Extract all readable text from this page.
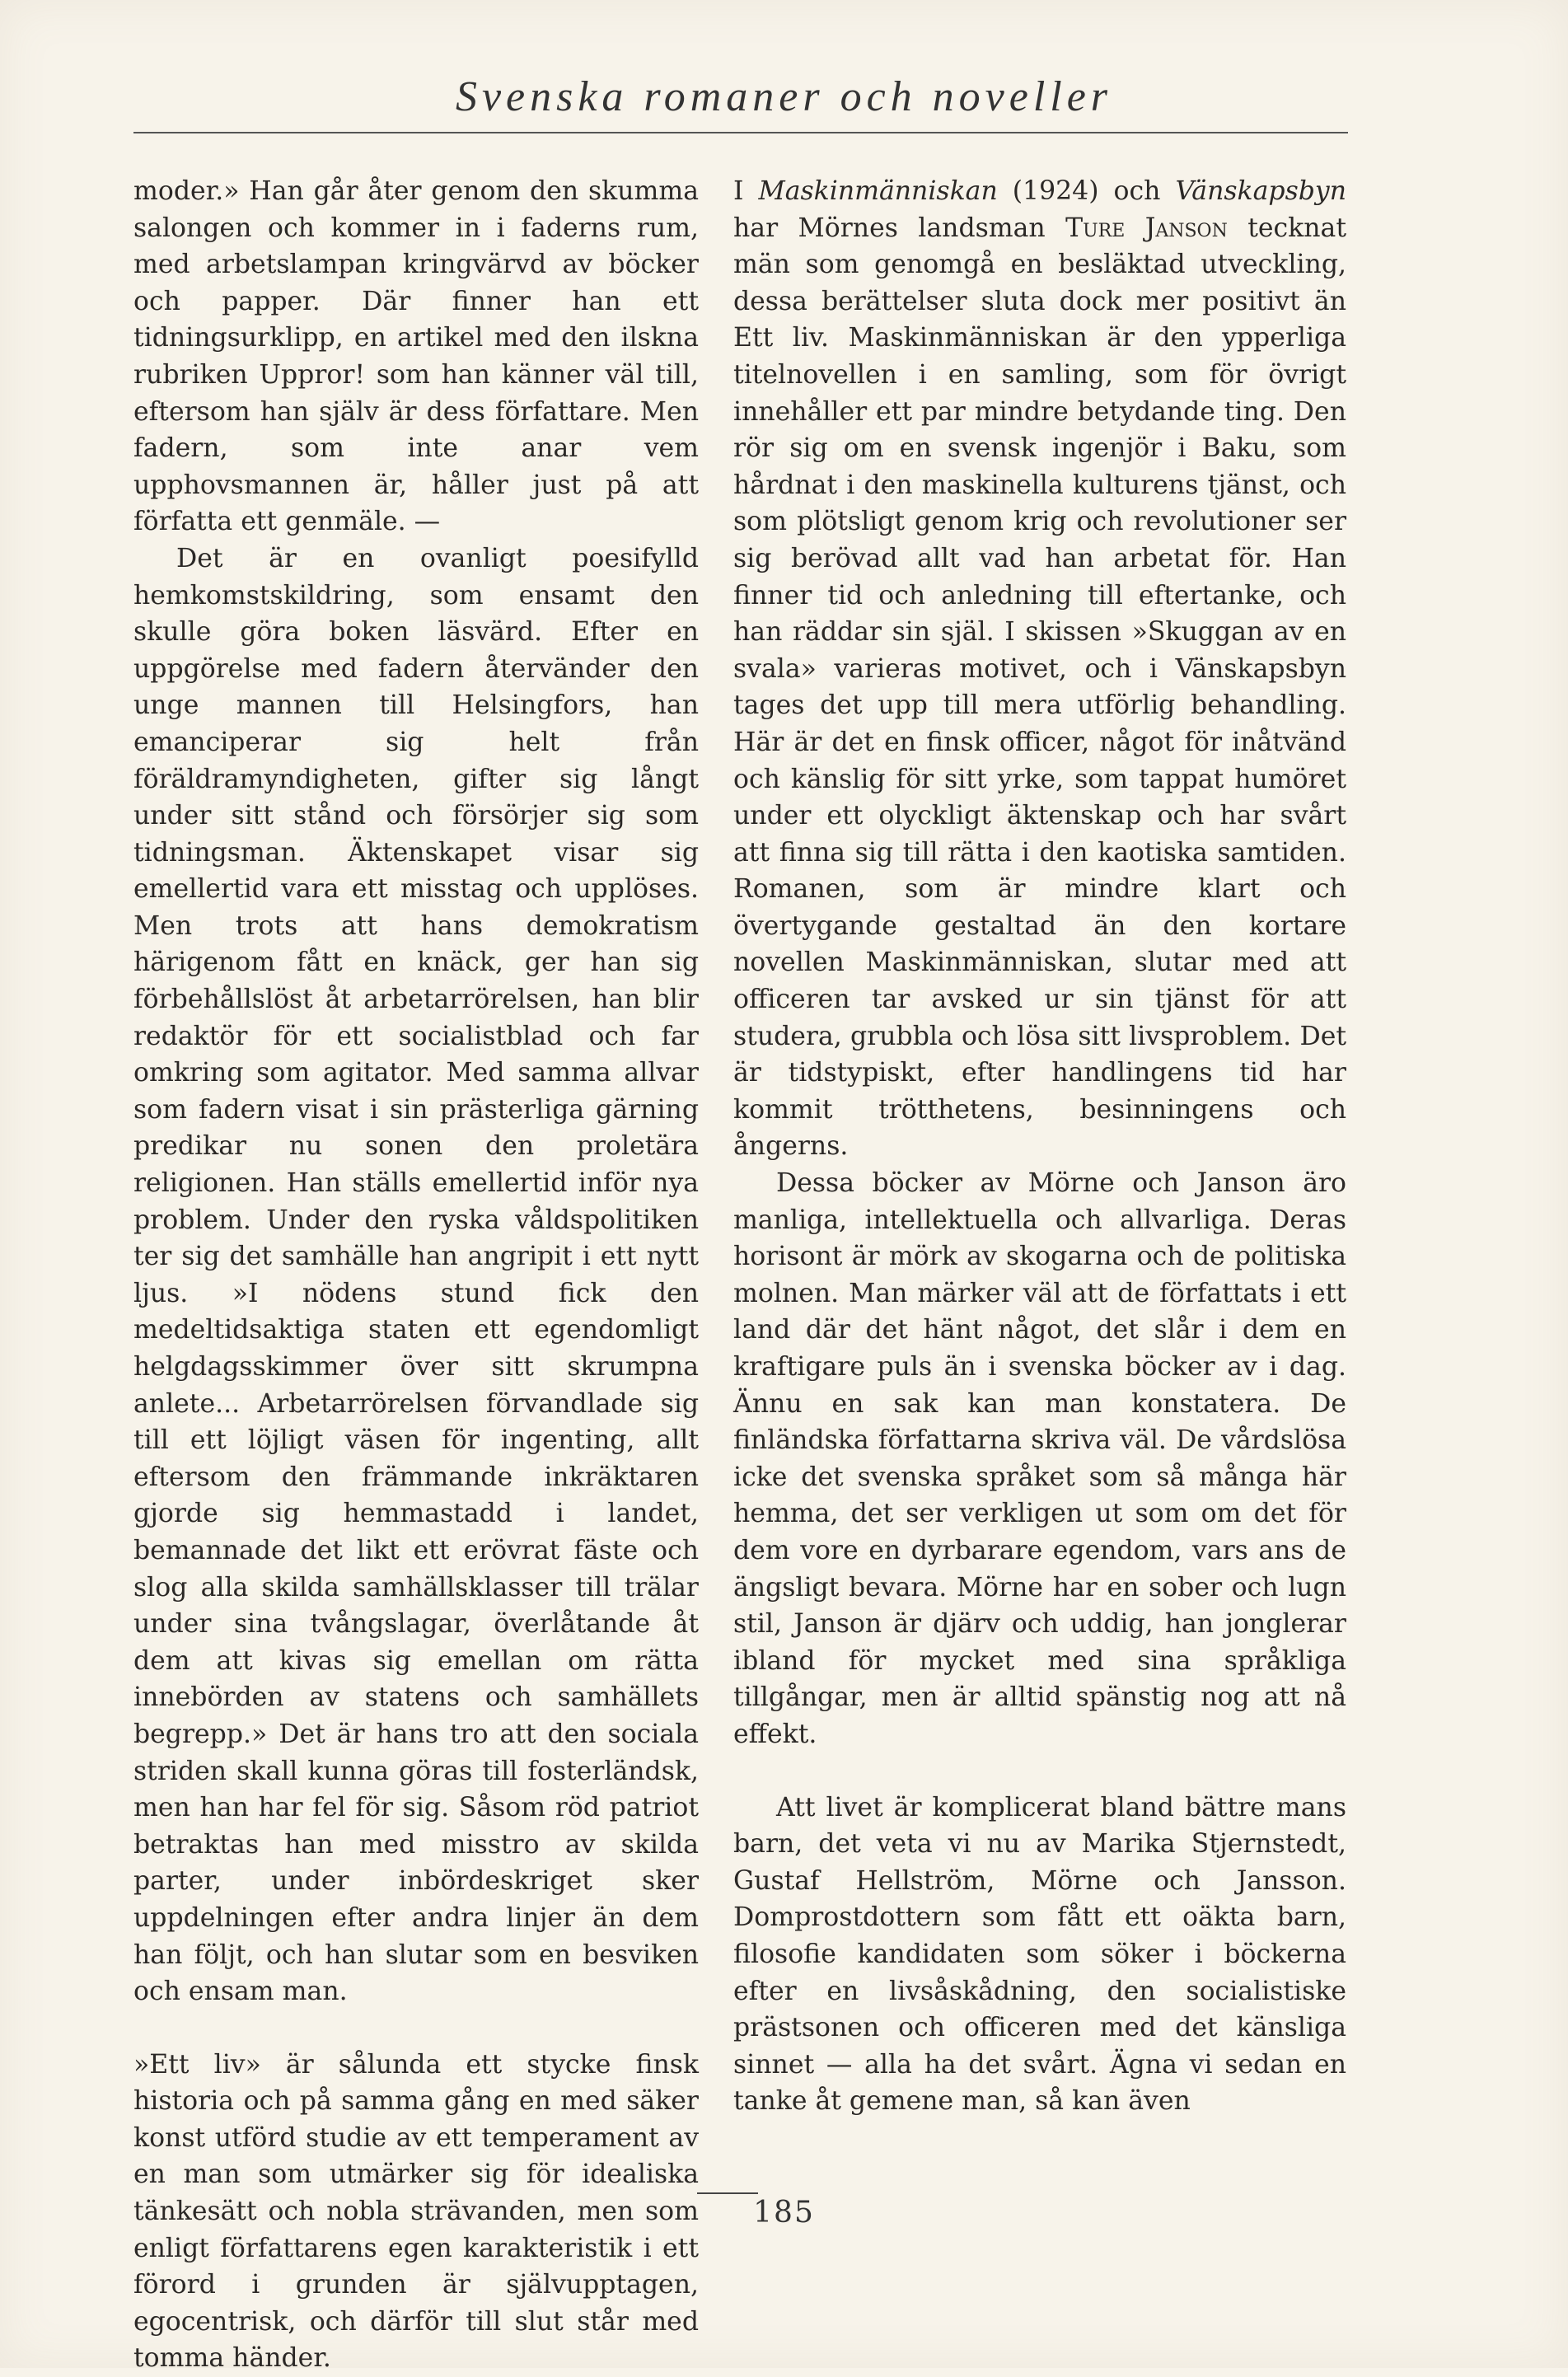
Svenska romaner och noveller

moder.» Han går åter genom den skumma salongen och kommer in i faderns rum, med arbetslampan kringvärvd av böcker och papper. Där finner han ett tidningsurklipp, en artikel med den ilskna rubriken Uppror! som han känner väl till, eftersom han själv är dess författare. Men fadern, som inte anar vem upphovsmannen är, håller just på att författa ett genmäle. —

Det är en ovanligt poesifylld hemkomstskildring, som ensamt den skulle göra boken läsvärd. Efter en uppgörelse med fadern återvänder den unge mannen till Helsingfors, han emanciperar sig helt från föräldramyndigheten, gifter sig långt under sitt stånd och försörjer sig som tidningsman. Äktenskapet visar sig emellertid vara ett misstag och upplöses. Men trots att hans demokratism härigenom fått en knäck, ger han sig förbehållslöst åt arbetarrörelsen, han blir redaktör för ett socialistblad och far omkring som agitator. Med samma allvar som fadern visat i sin prästerliga gärning predikar nu sonen den proletära religionen. Han ställs emellertid inför nya problem. Under den ryska våldspolitiken ter sig det samhälle han angripit i ett nytt ljus. »I nödens stund fick den medeltidsaktiga staten ett egendomligt helgdagsskimmer över sitt skrumpna anlete... Arbetarrörelsen förvandlade sig till ett löjligt väsen för ingenting, allt eftersom den främmande inkräktaren gjorde sig hemmastadd i landet, bemannade det likt ett erövrat fäste och slog alla skilda samhällsklasser till trälar under sina tvångslagar, överlåtande åt dem att kivas sig emellan om rätta innebörden av statens och samhällets begrepp.» Det är hans tro att den sociala striden skall kunna göras till fosterländsk, men han har fel för sig. Såsom röd patriot betraktas han med misstro av skilda parter, under inbördeskriget sker uppdelningen efter andra linjer än dem han följt, och han slutar som en besviken och ensam man.

»Ett liv» är sålunda ett stycke finsk historia och på samma gång en med säker konst utförd studie av ett temperament av en man som utmärker sig för idealiska tänkesätt och nobla strävanden, men som enligt författarens egen karakteristik i ett förord i grunden är självupptagen, egocentrisk, och därför till slut står med tomma händer.

I Maskinmänniskan (1924) och Vänskapsbyn har Mörnes landsman Ture Janson tecknat män som genomgå en besläktad utveckling, dessa berättelser sluta dock mer positivt än Ett liv. Maskinmänniskan är den ypperliga titelnovellen i en samling, som för övrigt innehåller ett par mindre betydande ting. Den rör sig om en svensk ingenjör i Baku, som hårdnat i den maskinella kulturens tjänst, och som plötsligt genom krig och revolutioner ser sig berövad allt vad han arbetat för. Han finner tid och anledning till eftertanke, och han räddar sin själ. I skissen »Skuggan av en svala» varieras motivet, och i Vänskapsbyn tages det upp till mera utförlig behandling. Här är det en finsk officer, något för inåtvänd och känslig för sitt yrke, som tappat humöret under ett olyckligt äktenskap och har svårt att finna sig till rätta i den kaotiska samtiden. Romanen, som är mindre klart och övertygande gestaltad än den kortare novellen Maskinmänniskan, slutar med att officeren tar avsked ur sin tjänst för att studera, grubbla och lösa sitt livsproblem. Det är tidstypiskt, efter handlingens tid har kommit trötthetens, besinningens och ångerns.

Dessa böcker av Mörne och Janson äro manliga, intellektuella och allvarliga. Deras horisont är mörk av skogarna och de politiska molnen. Man märker väl att de författats i ett land där det hänt något, det slår i dem en kraftigare puls än i svenska böcker av i dag. Ännu en sak kan man konstatera. De finländska författarna skriva väl. De vårdslösa icke det svenska språket som så många här hemma, det ser verkligen ut som om det för dem vore en dyrbarare egendom, vars ans de ängsligt bevara. Mörne har en sober och lugn stil, Janson är djärv och uddig, han jonglerar ibland för mycket med sina språkliga tillgångar, men är alltid spänstig nog att nå effekt.

Att livet är komplicerat bland bättre mans barn, det veta vi nu av Marika Stjernstedt, Gustaf Hellström, Mörne och Jansson. Domprostdottern som fått ett oäkta barn, filosofie kandidaten som söker i böckerna efter en livsåskådning, den socialistiske prästsonen och officeren med det känsliga sinnet — alla ha det svårt. Ägna vi sedan en tanke åt gemene man, så kan även

185
